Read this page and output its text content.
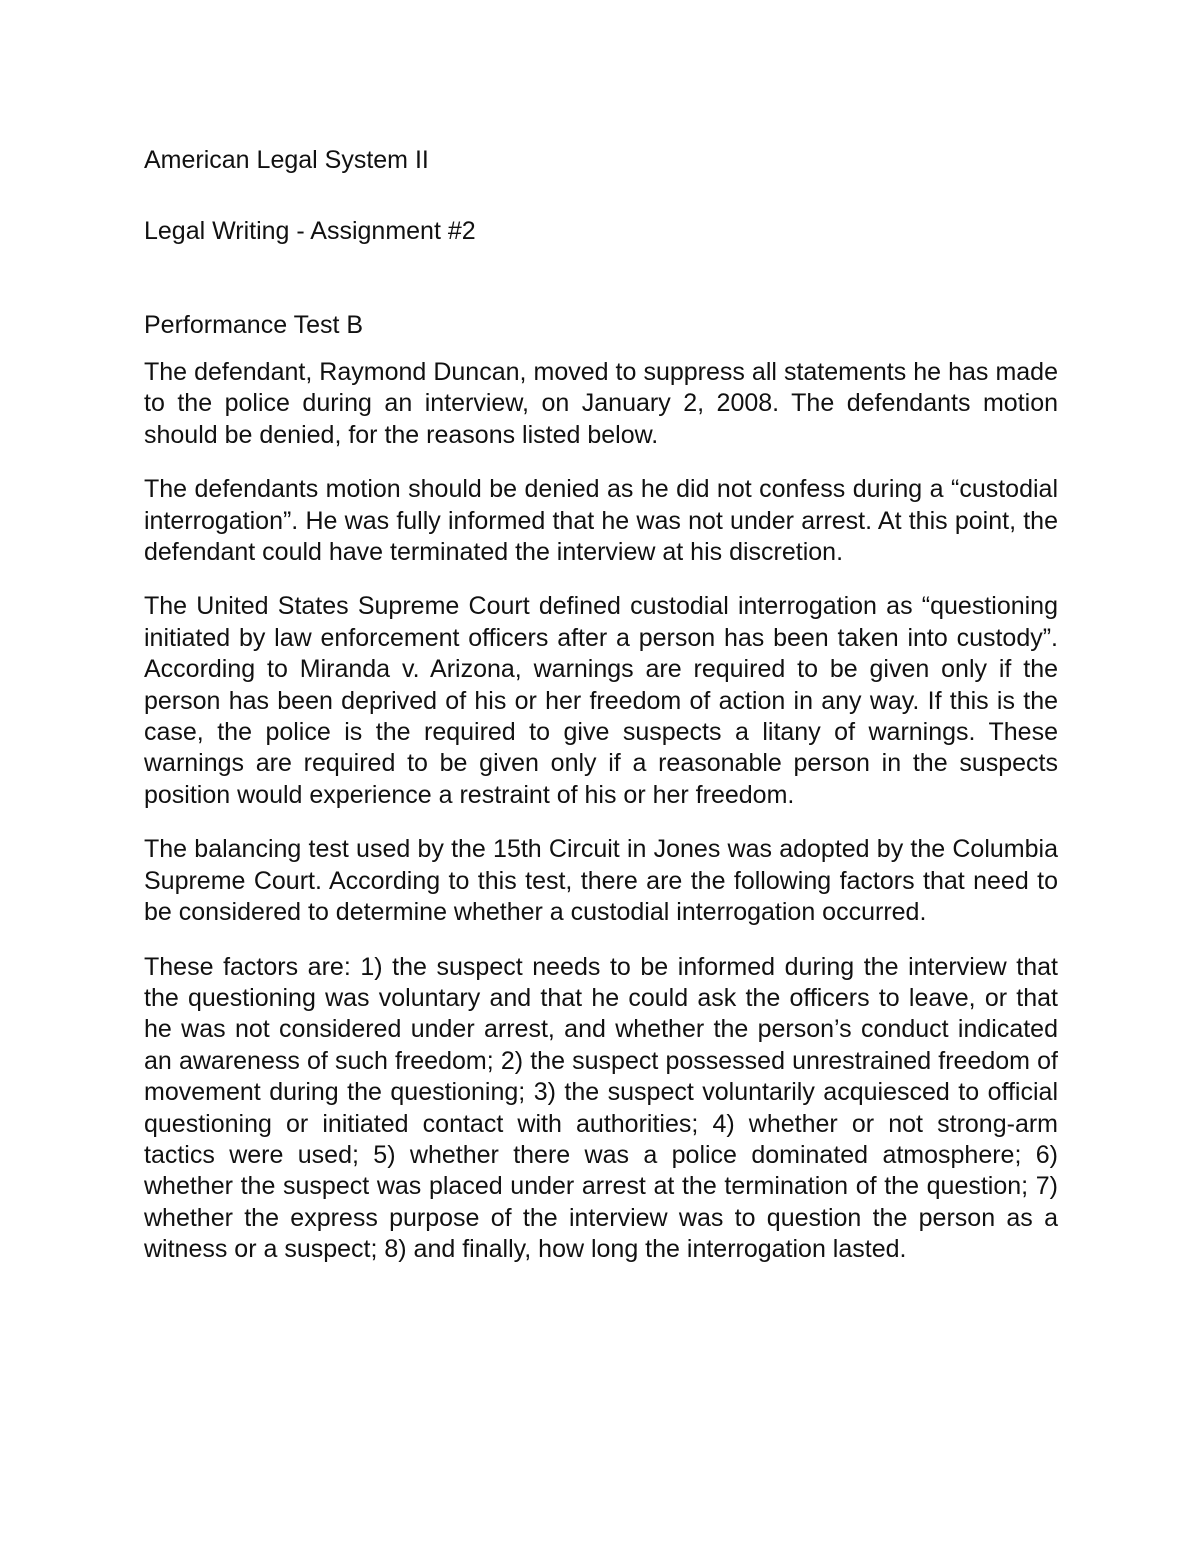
American Legal System II
Legal Writing - Assignment #2

Performance Test B

The defendant, Raymond Duncan, moved to suppress all statements he has made to the police during an interview, on January 2, 2008. The defendants motion should be denied, for the reasons listed below.

The defendants motion should be denied as he did not confess during a “custodial interrogation”. He was fully informed that he was not under arrest. At this point, the defendant could have terminated the interview at his discretion.

The United States Supreme Court defined custodial interrogation as “questioning initiated by law enforcement officers after a person has been taken into custody”. According to Miranda v. Arizona, warnings are required to be given only if the person has been deprived of his or her freedom of action in any way. If this is the case, the police is the required to give suspects a litany of warnings. These warnings are required to be given only if a reasonable person in the suspects position would experience a restraint of his or her freedom.

The balancing test used by the 15th Circuit in Jones was adopted by the Columbia Supreme Court. According to this test, there are the following factors that need to be considered to determine whether a custodial interrogation occurred.

These factors are: 1) the suspect needs to be informed during the interview that the questioning was voluntary and that he could ask the officers to leave, or that he was not considered under arrest, and whether the person’s conduct indicated an awareness of such freedom; 2) the suspect possessed unrestrained freedom of movement during the questioning; 3) the suspect voluntarily acquiesced to official questioning or initiated contact with authorities; 4) whether or not strong-arm tactics were used; 5) whether there was a police dominated atmosphere; 6) whether the suspect was placed under arrest at the termination of the question; 7) whether the express purpose of the interview was to question the person as a witness or a suspect; 8) and finally, how long the interrogation lasted.
